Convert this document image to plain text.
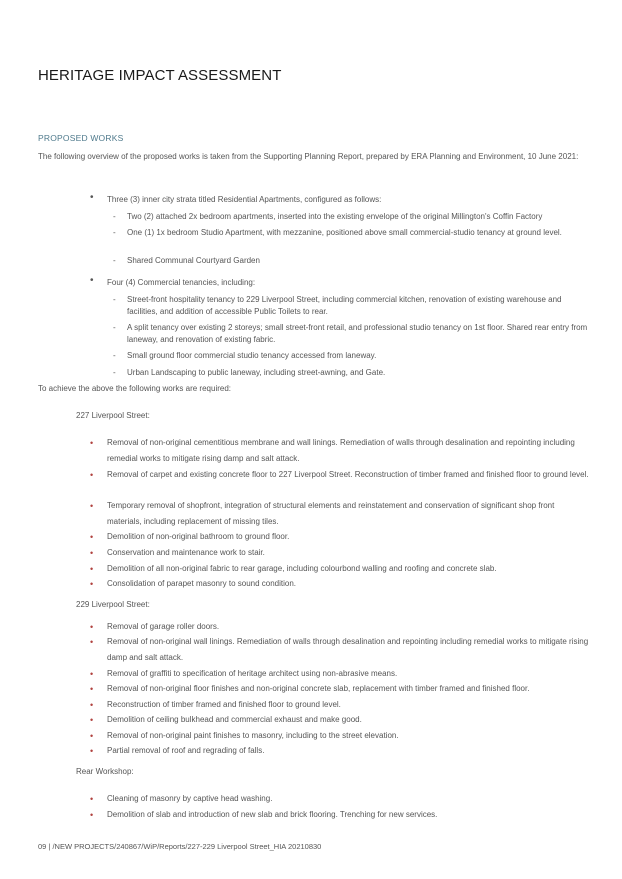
HERITAGE IMPACT ASSESSMENT
PROPOSED WORKS
The following overview of the proposed works is taken from the Supporting Planning Report, prepared by ERA Planning and Environment, 10 June 2021:
• Three (3) inner city strata titled Residential Apartments, configured as follows:
- Two (2) attached 2x bedroom apartments, inserted into the existing envelope of the original Millington's Coffin Factory
- One (1) 1x bedroom Studio Apartment, with mezzanine, positioned above small commercial-studio tenancy at ground level.
- Shared Communal Courtyard Garden
• Four (4) Commercial tenancies, including:
- Street-front hospitality tenancy to 229 Liverpool Street, including commercial kitchen, renovation of existing warehouse and facilities, and addition of accessible Public Toilets to rear.
- A split tenancy over existing 2 storeys; small street-front retail, and professional studio tenancy on 1st floor. Shared rear entry from laneway, and renovation of existing fabric.
- Small ground floor commercial studio tenancy accessed from laneway.
- Urban Landscaping to public laneway, including street-awning, and Gate.
To achieve the above the following works are required:
227 Liverpool Street:
• Removal of non-original cementitious membrane and wall linings. Remediation of walls through desalination and repointing including remedial works to mitigate rising damp and salt attack.
• Removal of carpet and existing concrete floor to 227 Liverpool Street. Reconstruction of timber framed and finished floor to ground level.
• Temporary removal of shopfront, integration of structural elements and reinstatement and conservation of significant shop front materials, including replacement of missing tiles.
• Demolition of non-original bathroom to ground floor.
• Conservation and maintenance work to stair.
• Demolition of all non-original fabric to rear garage, including colourbond walling and roofing and concrete slab.
• Consolidation of parapet masonry to sound condition.
229 Liverpool Street:
• Removal of garage roller doors.
• Removal of non-original wall linings. Remediation of walls through desalination and repointing including remedial works to mitigate rising damp and salt attack.
• Removal of graffiti to specification of heritage architect using non-abrasive means.
• Removal of non-original floor finishes and non-original concrete slab, replacement with timber framed and finished floor.
• Reconstruction of timber framed and finished floor to ground level.
• Demolition of ceiling bulkhead and commercial exhaust and make good.
• Removal of non-original paint finishes to masonry, including to the street elevation.
• Partial removal of roof and regrading of falls.
Rear Workshop:
• Cleaning of masonry by captive head washing.
• Demolition of slab and introduction of new slab and brick flooring. Trenching for new services.
09 | /NEW PROJECTS/240867/WiP/Reports/227-229 Liverpool Street_HIA 20210830
